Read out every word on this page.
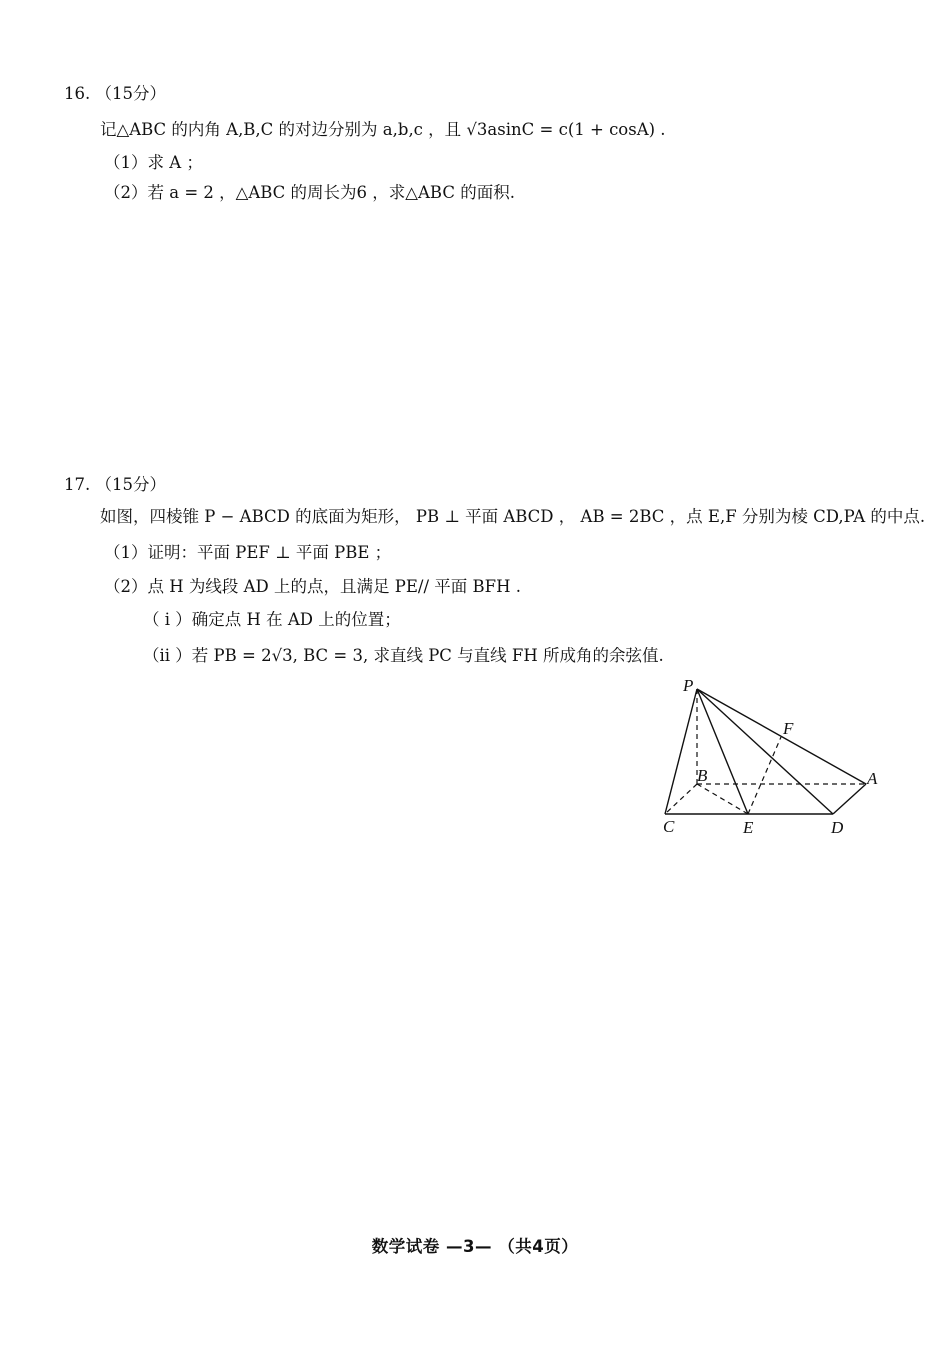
16. （15分）
记△ABC 的内角 A,B,C 的对边分别为 a,b,c ，且 √3asinC = c(1 + cosA) .
（1）求 A ；
（2）若 a = 2 ，△ABC 的周长为6 ，求△ABC 的面积.
17. （15分）
如图，四棱锥 P − ABCD 的底面为矩形， PB ⊥ 平面 ABCD ， AB = 2BC ，点 E,F 分别为棱 CD,PA 的中点.
（1）证明：平面 PEF ⊥ 平面 PBE ；
（2）点 H 为线段 AD 上的点，且满足 PE// 平面 BFH .
（ i ）确定点 H 在 AD 上的位置；
（ii ）若 PB = 2√3, BC = 3, 求直线 PC 与直线 FH 所成角的余弦值.
P
F
B	A
C	E	D
数学试卷 —3— （共4页）
